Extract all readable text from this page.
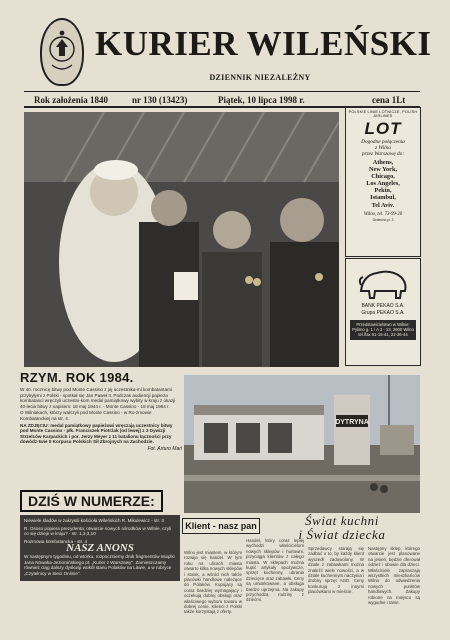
KURIER WILEŃSKI
DZIENNIK NIEZALEŻNY
Rok założenia 1840	nr 130 (13423)	Piątek, 10 lipca 1998 r.	cena 1Lt
RZYM. ROK 1984.

W 40. rocznicę bitwy pod Monte Cassino z jej uczestnika-mi kombatantami przybyłymi z Polski - spotkał się Jan Paweł II. Podczas audiencji papieża kombatanci wręczyli uczestni-kom medal pamiątkowy wybity w kraju z okazji 40-lecia bitwy z napisem: 18 maj 1944 r. - Monte Cassino - 18 maj 1984 r.

O Wilniakach, którzy walczyli pod Monte Cassino - w Ro-zmowie Kombatanckiej na str. 4.

NA ZDJĘCIU: medal pamiątkowy papieżowi wręczają uczestnicy bitwy pod Monte Cassino - płk. Franciszek Piotrżak (od lewej) z 3 Dywizji Strzelców Karpackich i por. Jerzy Meyer z 11 batalionu łączności przy dowódz-twie II Korpusu Polskich Sił Zbrojnych na Zachodzie.

Fot. Arturo Mari
POLSKIE LINIE LOTNICZE, POLISH AIRLINES
LOT
Dogodne połączenia
z Wilna
przez Warszawę do:
Athens,
New York,
Chicago,
Los Angeles,
Pekin,
Istambul,
Tel Aviv.
Wilno, tel. 73-99-20
Gedimino pr. 3
BANK PEKAO S.A.
Grupa PEKAO S.A.
Przedstawicielstwo w Wilnie: Pylimo g. 1 / A 3 - 13, 2600 Wilno tel./fax 61-15-41, 22-36-44
DYTRYNA
DZIŚ W NUMERZE:

Niewiele śladów w zakrystii kościoła Wileńskich R. Mikulewicz - str. 3

R. Ososo popiera prezydenta; otwarcie nowych ośrodków w Wilnie, czyli co się dzieje w kraju? - str. 1,2,3,10

Rozmowa kombatancka - str. 4

NASZ ANONS

W następnym tygodniu, od wtorku, rozpoczniemy druk fragmentów książki Jana Nowaka-Jeziorańskiego pt. „Kurier z Warszawy". Zamieszczamy również ciąg dalszy dyskusji wokół stanu Polaków na Litwie, a w rubryce „Czytelnicy w Sieci Onlinie".

Klient - nasz pan	Świat kuchni
i Świat dziecka
Wilno jest miastem, w którym rozwija się handel. W tym roku na ulicach miasta otwarto kilka nowych sklepów i stoisk, a wśród nich także placówki handlowe należące do Polaków. Kupujący są coraz bardziej wymagający i oczekują dobrej obsługi oraz właściwego wyboru towaru w dobrej cenie. Klienci z Polski także korzystają z oferty.
Handel, który coraz lepiej wychodzi właścicielom nowych sklepów i hurtowni, przyciąga klientów z całego miasta. W sklepach można kupić artykuły spożywcze, sprzęt kuchenny, ubrania dziecięce oraz zabawki. Ceny są umiarkowane, a obsługa bardzo uprzejma. Na zakupy przychodzą rodziny z dziećmi.
Sprzedawcy starają się zadbać o to, by każdy klient wyszedł zadowolony. W dziale z zabawkami można znaleźć wiele nowości, a w dziale kuchennym naczynia i drobny sprzęt AGD. Ceny konkurują z innymi placówkami w mieście.
Następny sklep, którego otwarcie jest planowane na jesień, będzie oferował odzież i obuwie dla dzieci. Właściciele zapraszają wszystkich mieszkańców Wilna do odwiedzenia nowych punktów handlowych. Zakupy robione na miejscu są wygodne i tanie.
